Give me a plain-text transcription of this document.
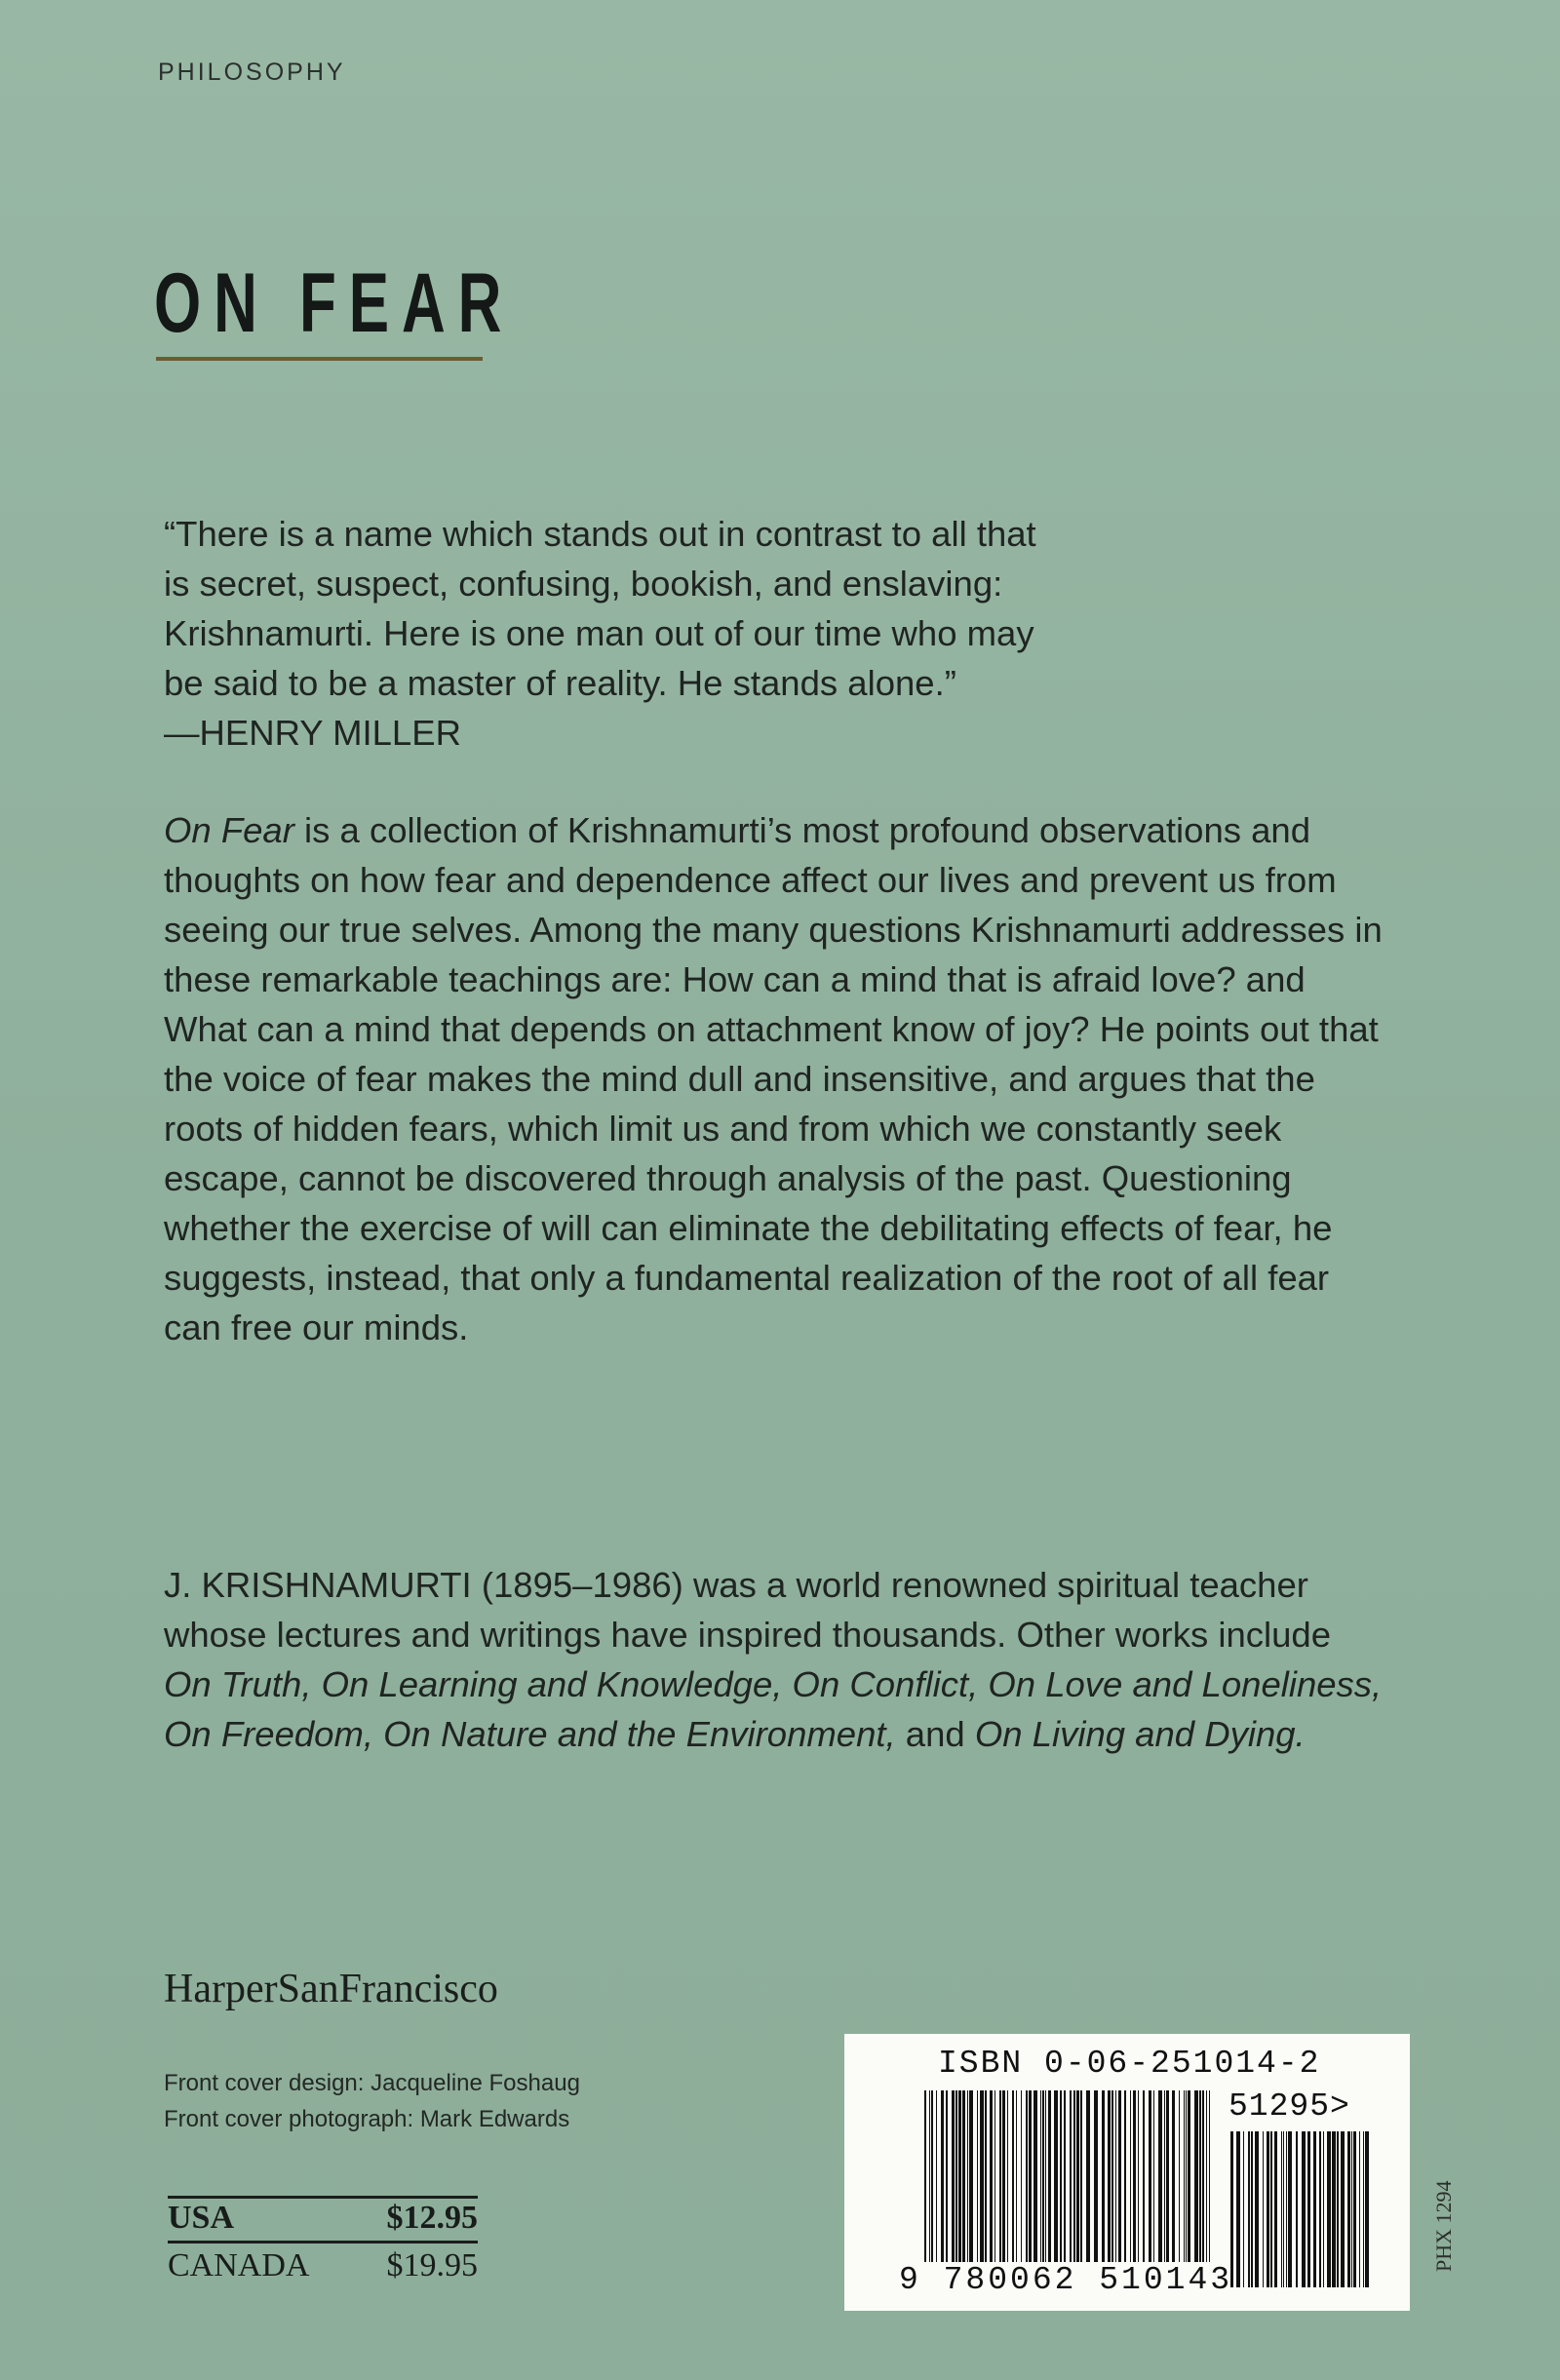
PHILOSOPHY
ON FEAR

“There is a name which stands out in contrast to all that

is secret, suspect, confusing, bookish, and enslaving:

Krishnamurti. Here is one man out of our time who may

be said to be a master of reality. He stands alone.”

—HENRY MILLER

On Fear is a collection of Krishnamurti’s most profound observations and thoughts on how fear and dependence affect our lives and prevent us from seeing our true selves. Among the many questions Krishnamurti addresses in these remarkable teachings are: How can a mind that is afraid love? and What can a mind that depends on attachment know of joy? He points out that the voice of fear makes the mind dull and insensitive, and argues that the roots of hidden fears, which limit us and from which we constantly seek escape, cannot be discovered through analysis of the past. Questioning whether the exercise of will can eliminate the debilitating effects of fear, he suggests, instead, that only a fundamental realization of the root of all fear can free our minds.

J. KRISHNAMURTI (1895–1986) was a world renowned spiritual teacher whose lectures and writings have inspired thousands. Other works include On Truth, On Learning and Knowledge, On Conflict, On Love and Loneliness, On Freedom, On Nature and the Environment, and On Living and Dying.

HarperSanFrancisco
Front cover design: Jacqueline Foshaug
Front cover photograph: Mark Edwards
USA	$12.95
CANADA $19.95
ISBN 0-06-251014-2
51295>
9 780062 510143
PHX 1294
